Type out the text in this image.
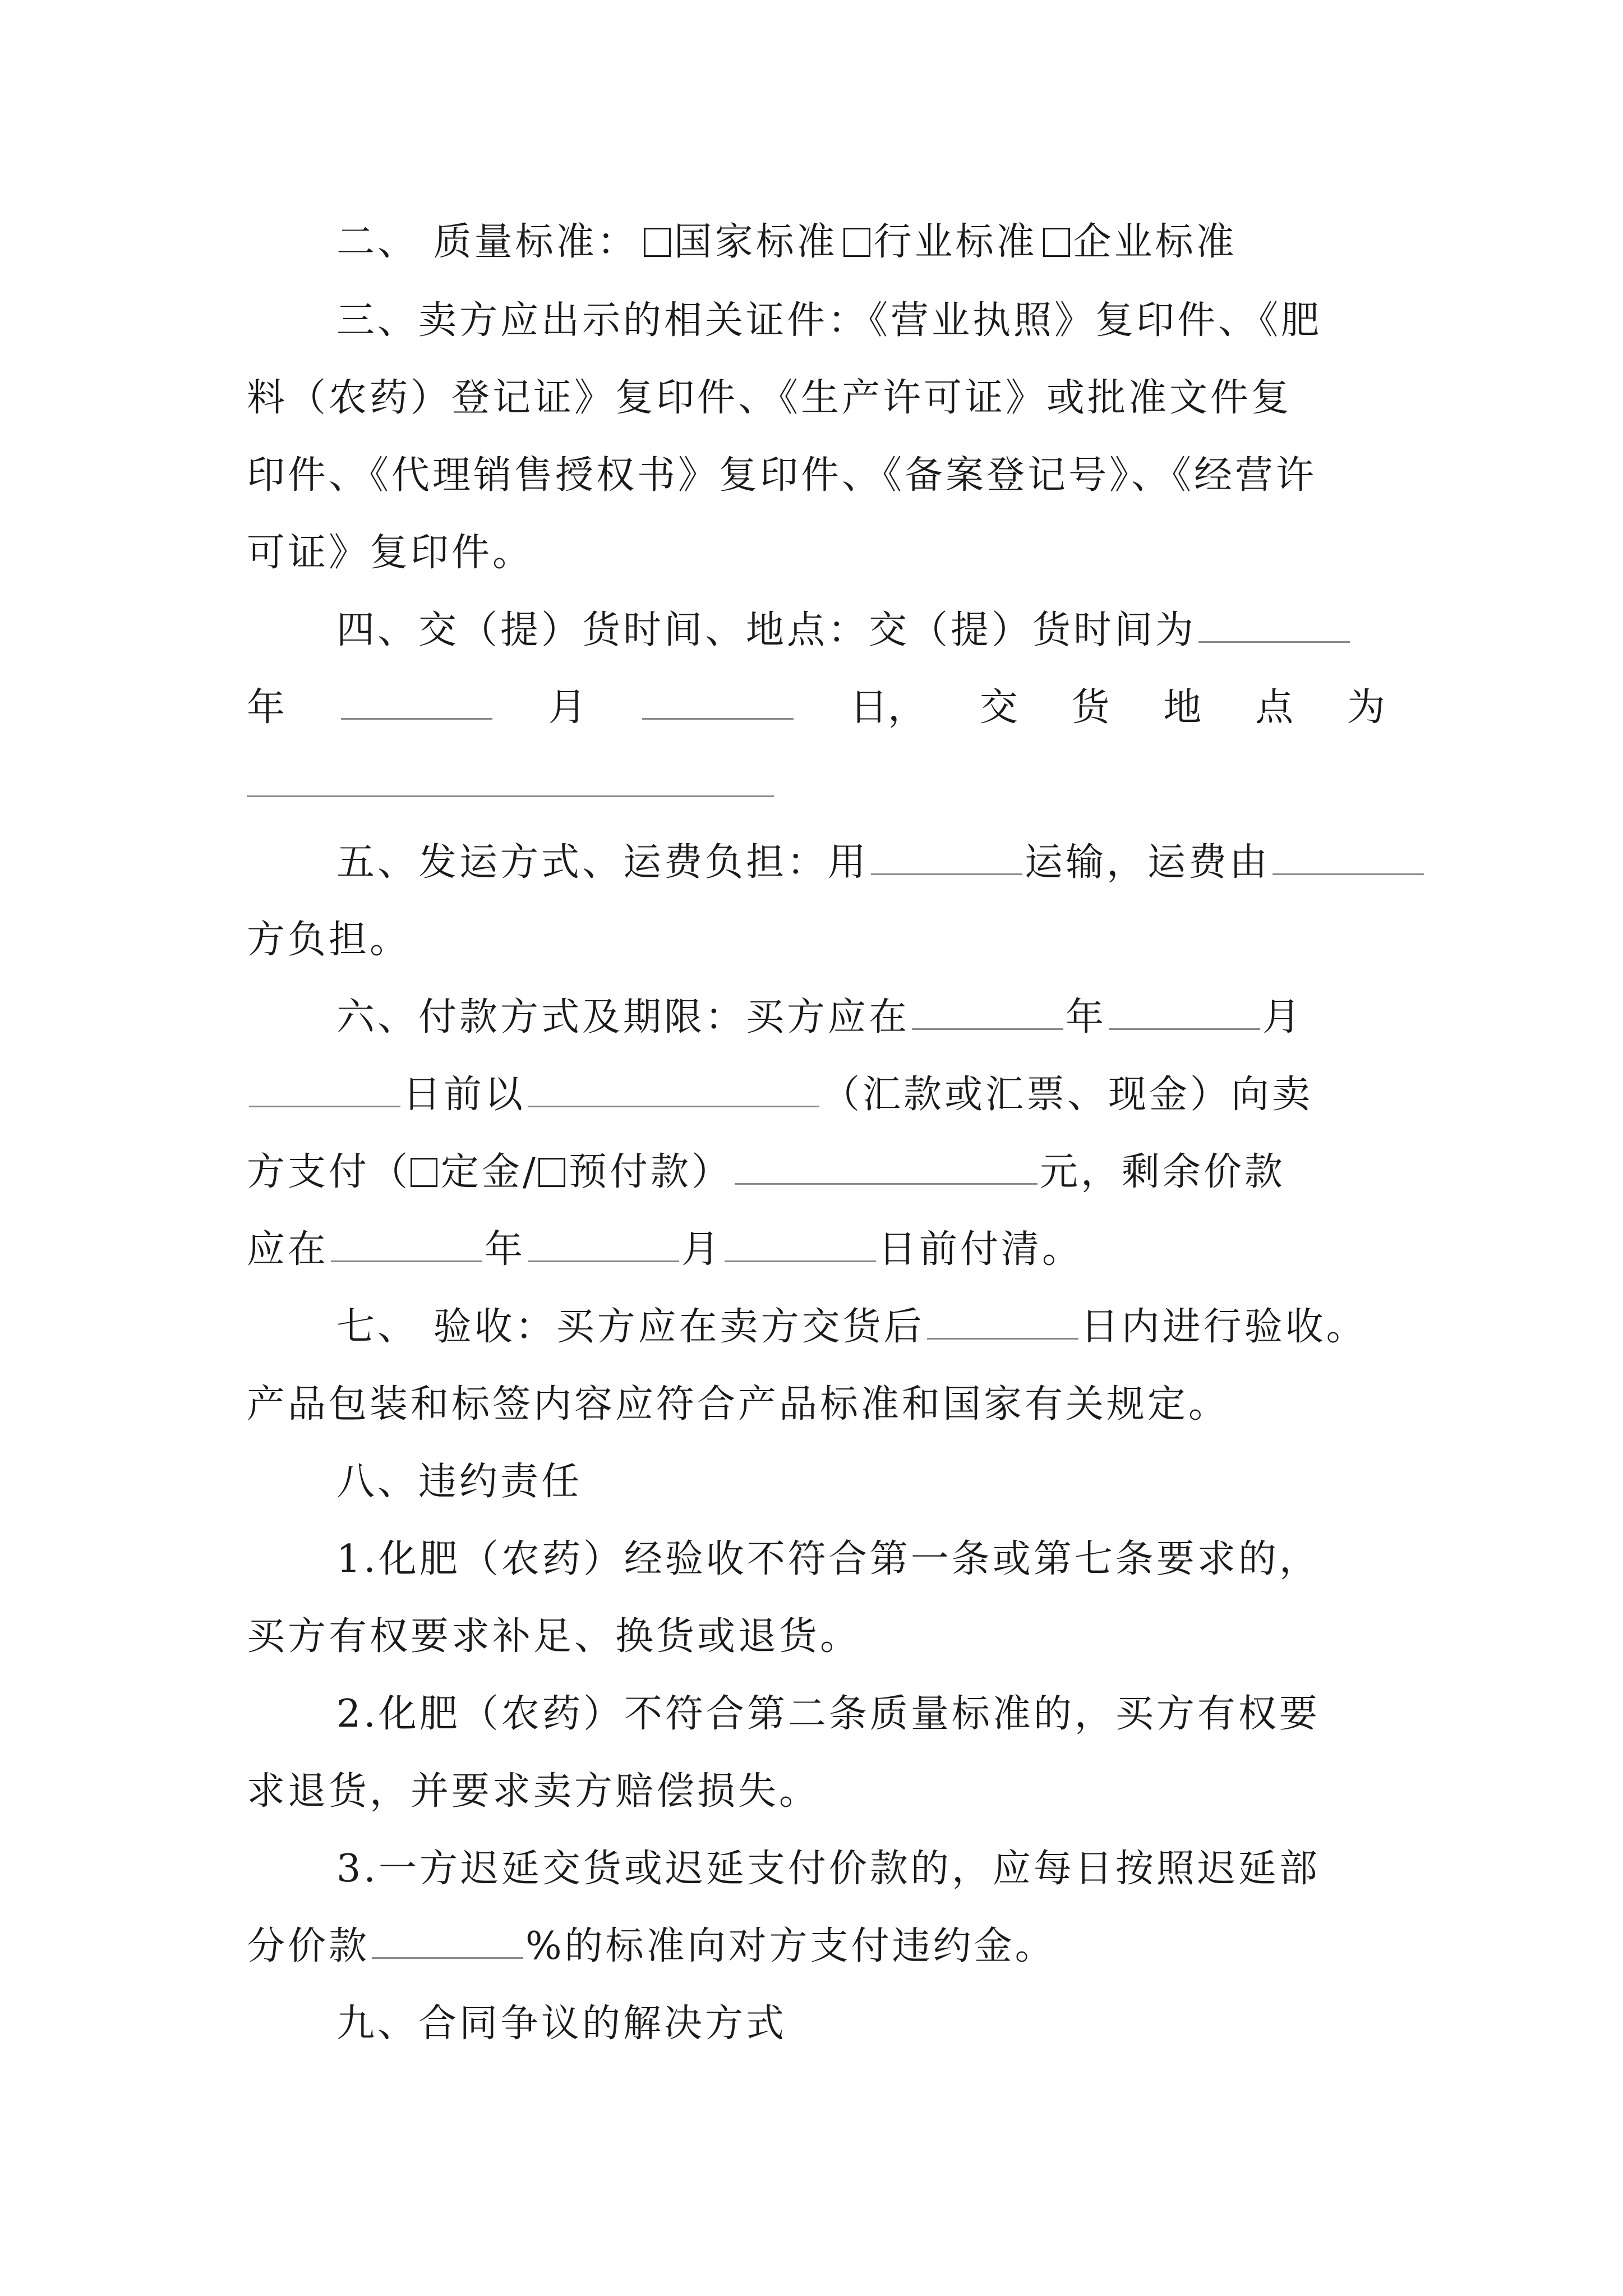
二、 质量标准： 国家标准 行业标准 企业标准
三、卖方应出示的相关证件：《营业执照》复印件、《肥
料（农药）登记证》复印件、《生产许可证》或批准文件复
印件、《代理销售授权书》复印件、《备案登记号》、《经营许
可证》复印件。
四、交（提）货时间、地点：交（提）货时间为
年	月	日， 交 货 地 点 为
五、发运方式、运费负担：用	运输，运费由
方负担。
六、付款方式及期限：买方应在	年	月
日前以	（汇款或汇票、现金）向卖
方支付（ 定金/ 预付款）	元，剩余价款
应在	年	月	日前付清。
七、 验收：买方应在卖方交货后	日内进行验收。
产品包装和标签内容应符合产品标准和国家有关规定。
八、违约责任
1.化肥（农药）经验收不符合第一条或第七条要求的，
买方有权要求补足、换货或退货。
2.化肥（农药）不符合第二条质量标准的，买方有权要
求退货，并要求卖方赔偿损失。
3.一方迟延交货或迟延支付价款的，应每日按照迟延部
分价款	%的标准向对方支付违约金。
九、合同争议的解决方式
